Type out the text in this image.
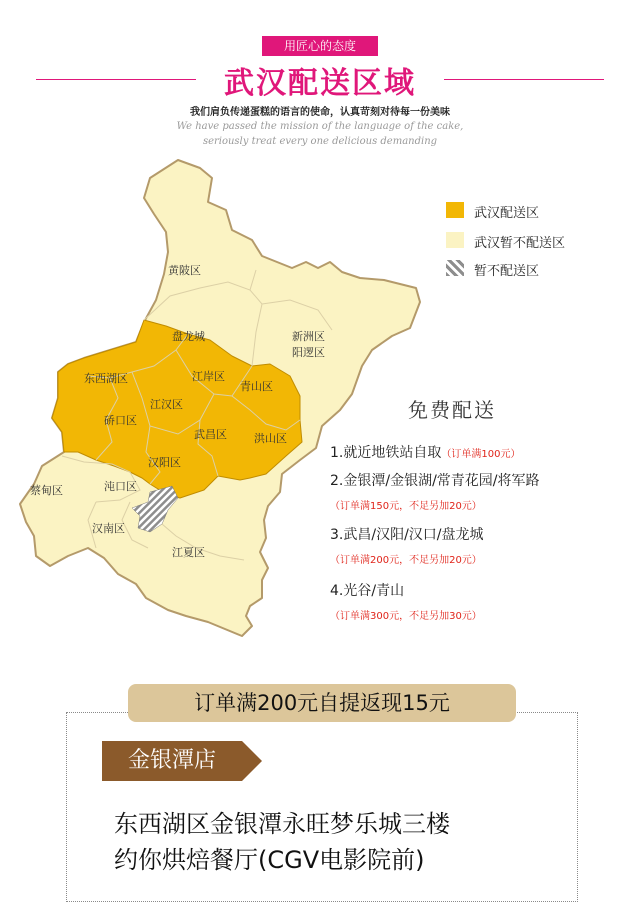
用匠心的态度
武汉配送区域
我们肩负传递蛋糕的语言的使命，认真苛刻对待每一份美味
We have passed the mission of the language of the cake,
seriously treat every one delicious demanding
黄陂区
新洲区
阳逻区
盘龙城
东西湖区	江岸区
青山区
硚口区
江汉区
武昌区 洪山区
汉阳区
蔡甸区	沌口区
汉南区
江夏区
武汉配送区
武汉暂不配送区
暂不配送区
免费配送
1.就近地铁站自取（订单满100元）
2.金银潭/金银湖/常青花园/将军路
（订单满150元，不足另加20元）
3.武昌/汉阳/汉口/盘龙城
（订单满200元，不足另加20元）
4.光谷/青山
（订单满300元，不足另加30元）
订单满200元自提返现15元
金银潭店
东西湖区金银潭永旺梦乐城三楼
约你烘焙餐厅(CGV电影院前)
